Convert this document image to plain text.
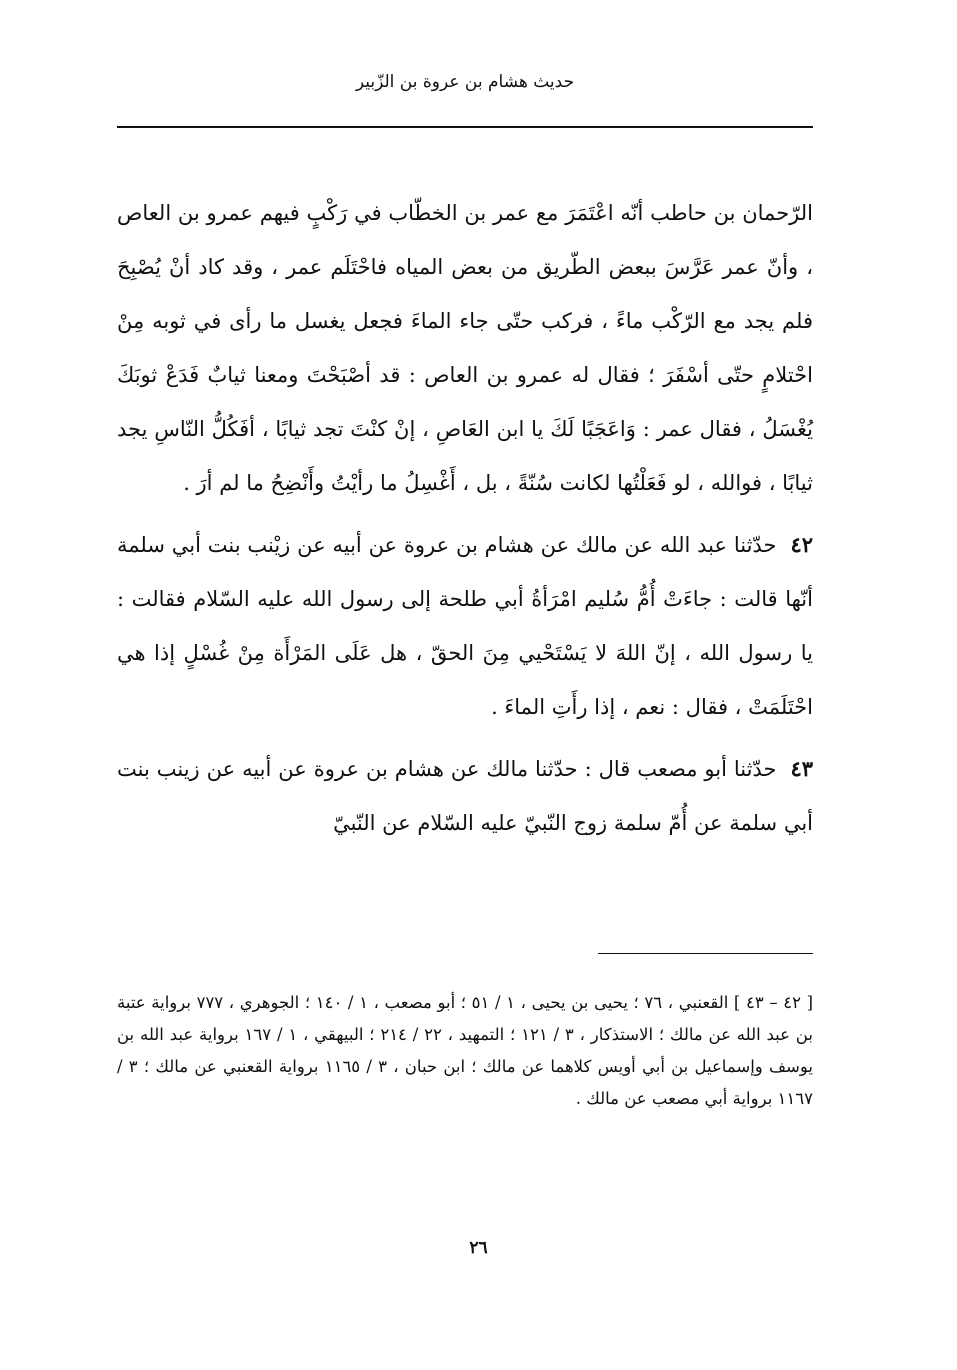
حديث هشام بن عروة بن الزّبير

الرّحمان بن حاطب أنّه اعْتَمَرَ مع عمر بن الخطّاب في رَكْبٍ فيهم عمرو بن العاص ، وأنّ عمر عَرَّسَ ببعض الطّريق من بعض المياه فاحْتَلَم عمر ، وقد كاد أنْ يُصْبِحَ فلم يجد مع الرّكْب ماءً ، فركب حتّى جاء الماءَ فجعل يغسل ما رأى في ثوبه مِنْ احْتلامٍ حتّى أسْفَرَ ؛ فقال له عمرو بن العاص : قد أصْبَحْتَ ومعنا ثيابٌ فَدَعْ ثوبَكَ يُغْسَلُ ، فقال عمر : وَاعَجَبًا لَكَ يا ابن العَاصِ ، إنْ كنْتَ تجد ثيابًا ، أفَكُلُّ النّاسِ يجد ثيابًا ، فوالله ، لو فَعَلْتُها لكانت سُنّةً ، بل ، أَغْسِلُ ما رأيْتُ وأَنْضِحُ ما لم أرَ .

٤٢حدّثنا عبد الله عن مالك عن هشام بن عروة عن أبيه عن زيْنب بنت أبي سلمة أنّها قالت : جاءَتْ أُمُّ سُليم امْرَأةُ أبي طلحة إلى رسول الله عليه السّلام فقالت : يا رسول الله ، إنّ اللهَ لا يَسْتَحْيي مِنَ الحقّ ، هل عَلَى المَرْأَة مِنْ غُسْلٍ إذا هي احْتَلَمَتْ ، فقال : نعم ، إذا رأَتِ الماءَ .

٤٣حدّثنا أبو مصعب قال : حدّثنا مالك عن هشام بن عروة عن أبيه عن زينب بنت أبي سلمة عن أُمّ سلمة زوج النّبيّ عليه السّلام عن النّبيّ

[ ٤٢ – ٤٣ ] القعنبي ، ٧٦ ؛ يحيى بن يحيى ، ١ / ٥١ ؛ أبو مصعب ، ١ / ١٤٠ ؛ الجوهري ، ٧٧٧ برواية عتبة بن عبد الله عن مالك ؛ الاستذكار ، ٣ / ١٢١ ؛ التمهيد ، ٢٢ / ٢١٤ ؛ البيهقي ، ١ / ١٦٧ برواية عبد الله بن يوسف وإسماعيل بن أبي أويس كلاهما عن مالك ؛ ابن حبان ، ٣ / ١١٦٥ برواية القعنبي عن مالك ؛ ٣ / ١١٦٧ برواية أبي مصعب عن مالك .

٢٦
